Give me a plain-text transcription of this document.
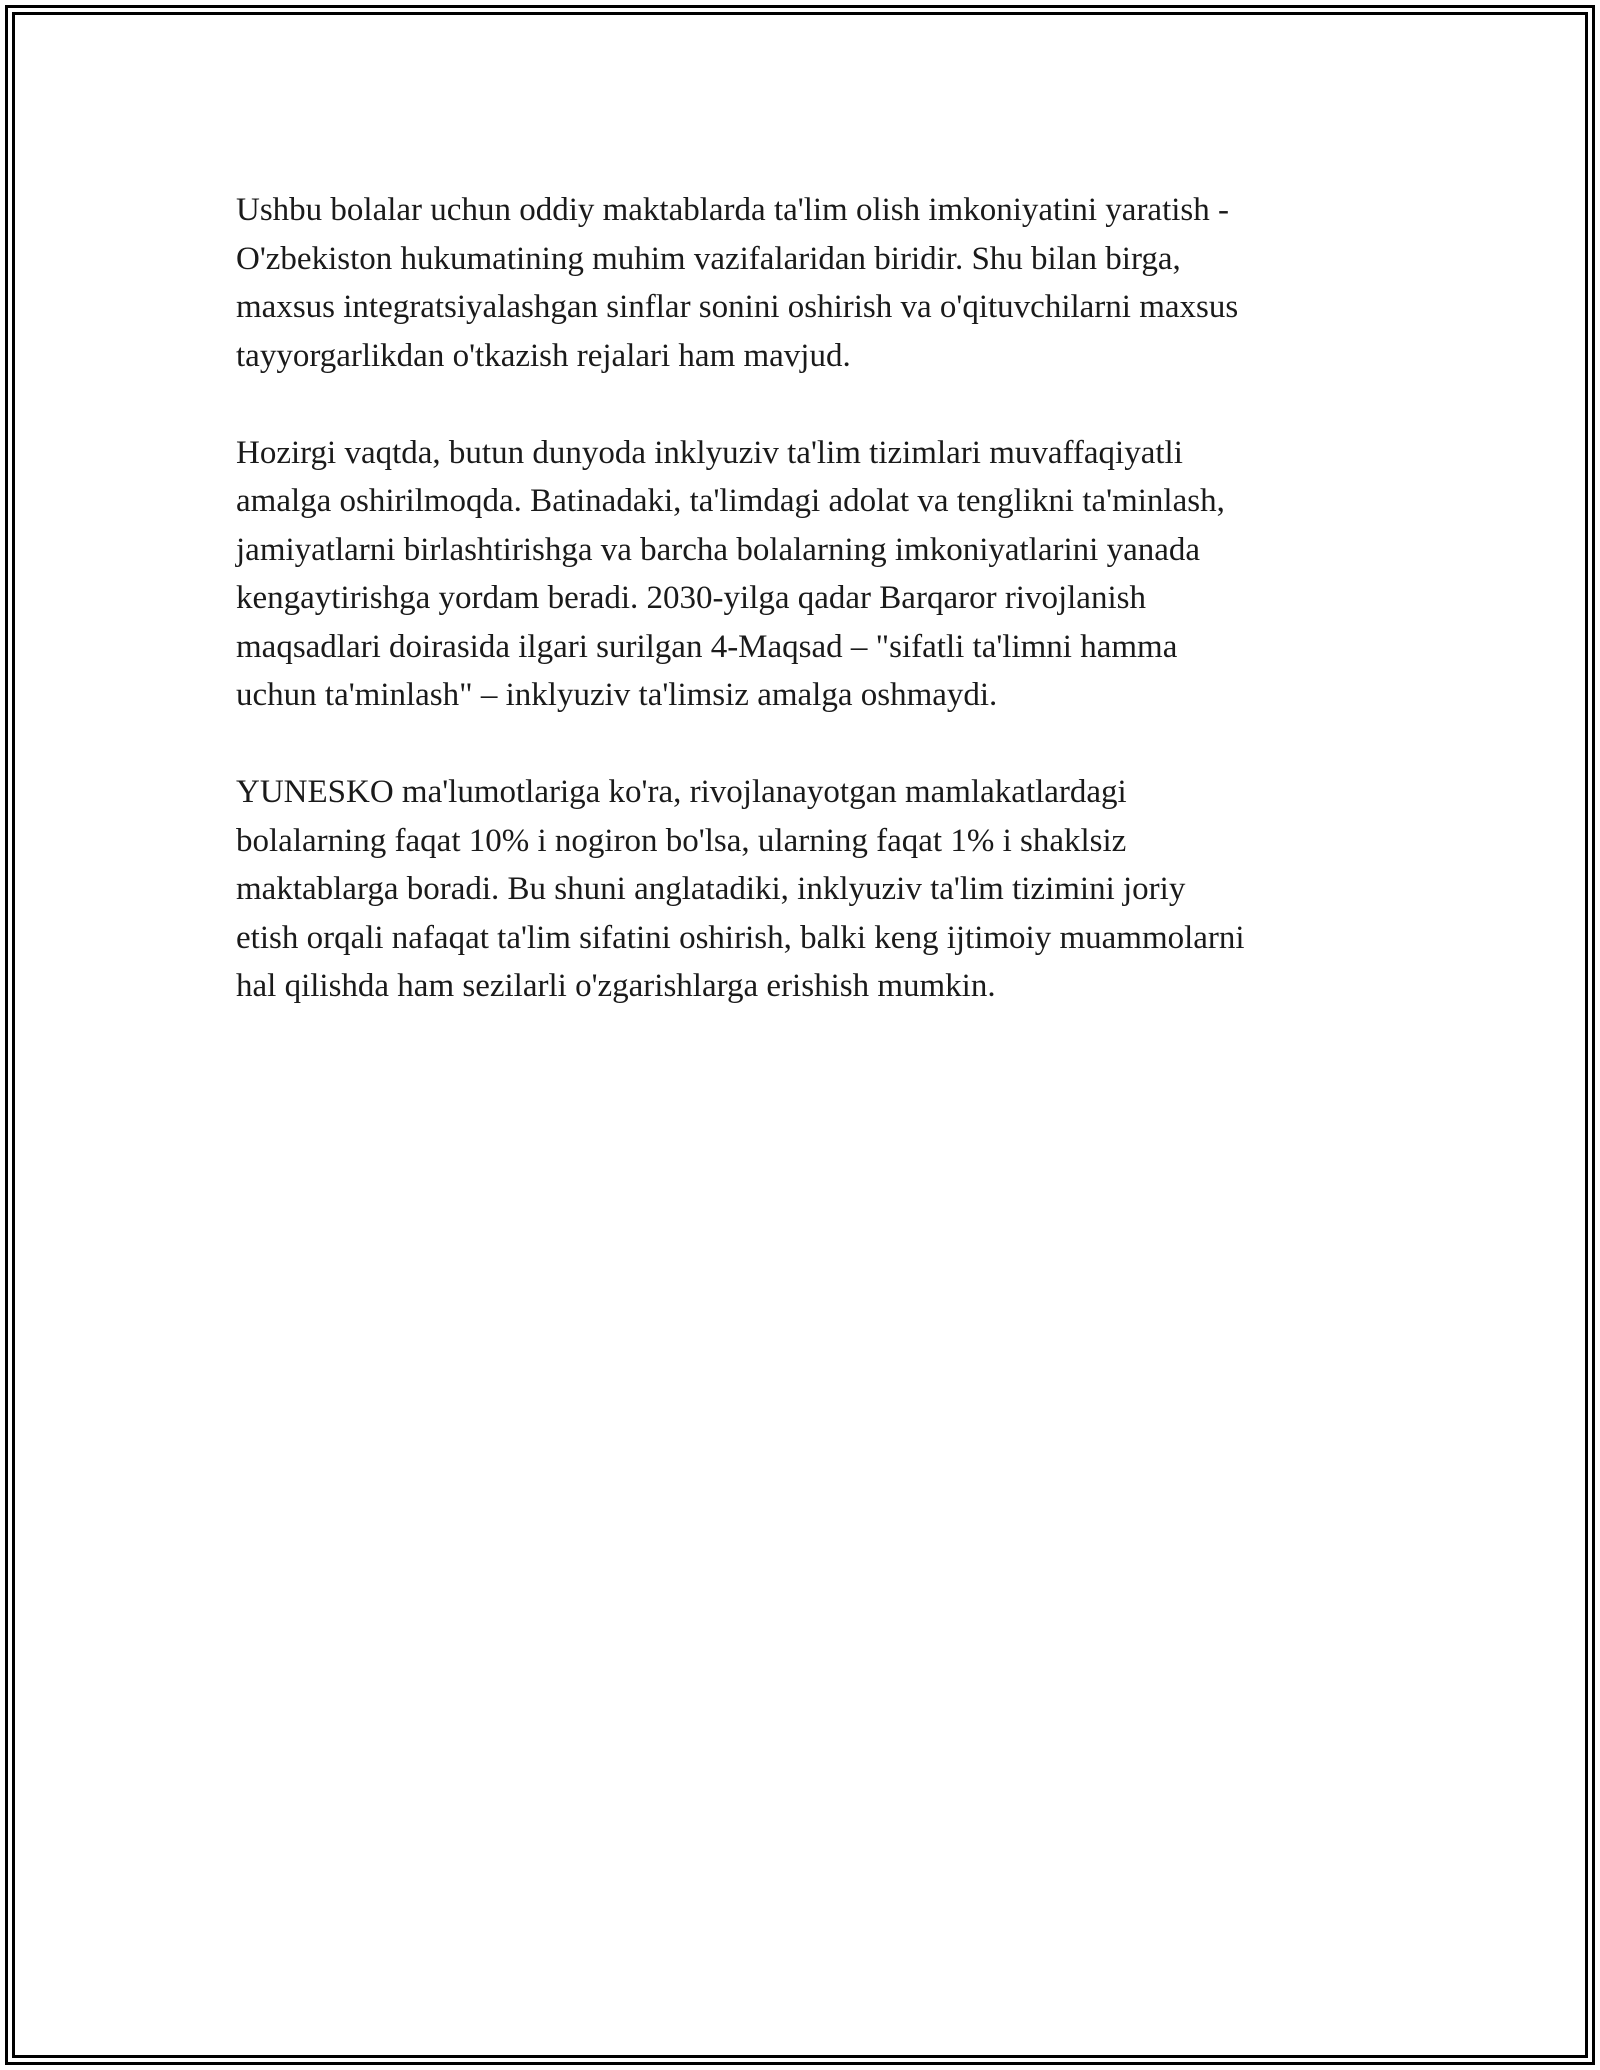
Ushbu bolalar uchun oddiy maktablarda ta'lim olish imkoniyatini yaratish -
O'zbekiston hukumatining muhim vazifalaridan biridir. Shu bilan birga,
maxsus integratsiyalashgan sinflar sonini oshirish va o'qituvchilarni maxsus
tayyorgarlikdan o'tkazish rejalari ham mavjud.

Hozirgi vaqtda, butun dunyoda inklyuziv ta'lim tizimlari muvaffaqiyatli
amalga oshirilmoqda. Batinadaki, ta'limdagi adolat va tenglikni ta'minlash,
jamiyatlarni birlashtirishga va barcha bolalarning imkoniyatlarini yanada
kengaytirishga yordam beradi. 2030-yilga qadar Barqaror rivojlanish
maqsadlari doirasida ilgari surilgan 4-Maqsad – "sifatli ta'limni hamma
uchun ta'minlash" – inklyuziv ta'limsiz amalga oshmaydi.

YUNESKO ma'lumotlariga ko'ra, rivojlanayotgan mamlakatlardagi
bolalarning faqat 10% i nogiron bo'lsa, ularning faqat 1% i shaklsiz
maktablarga boradi. Bu shuni anglatadiki, inklyuziv ta'lim tizimini joriy
etish orqali nafaqat ta'lim sifatini oshirish, balki keng ijtimoiy muammolarni
hal qilishda ham sezilarli o'zgarishlarga erishish mumkin.
